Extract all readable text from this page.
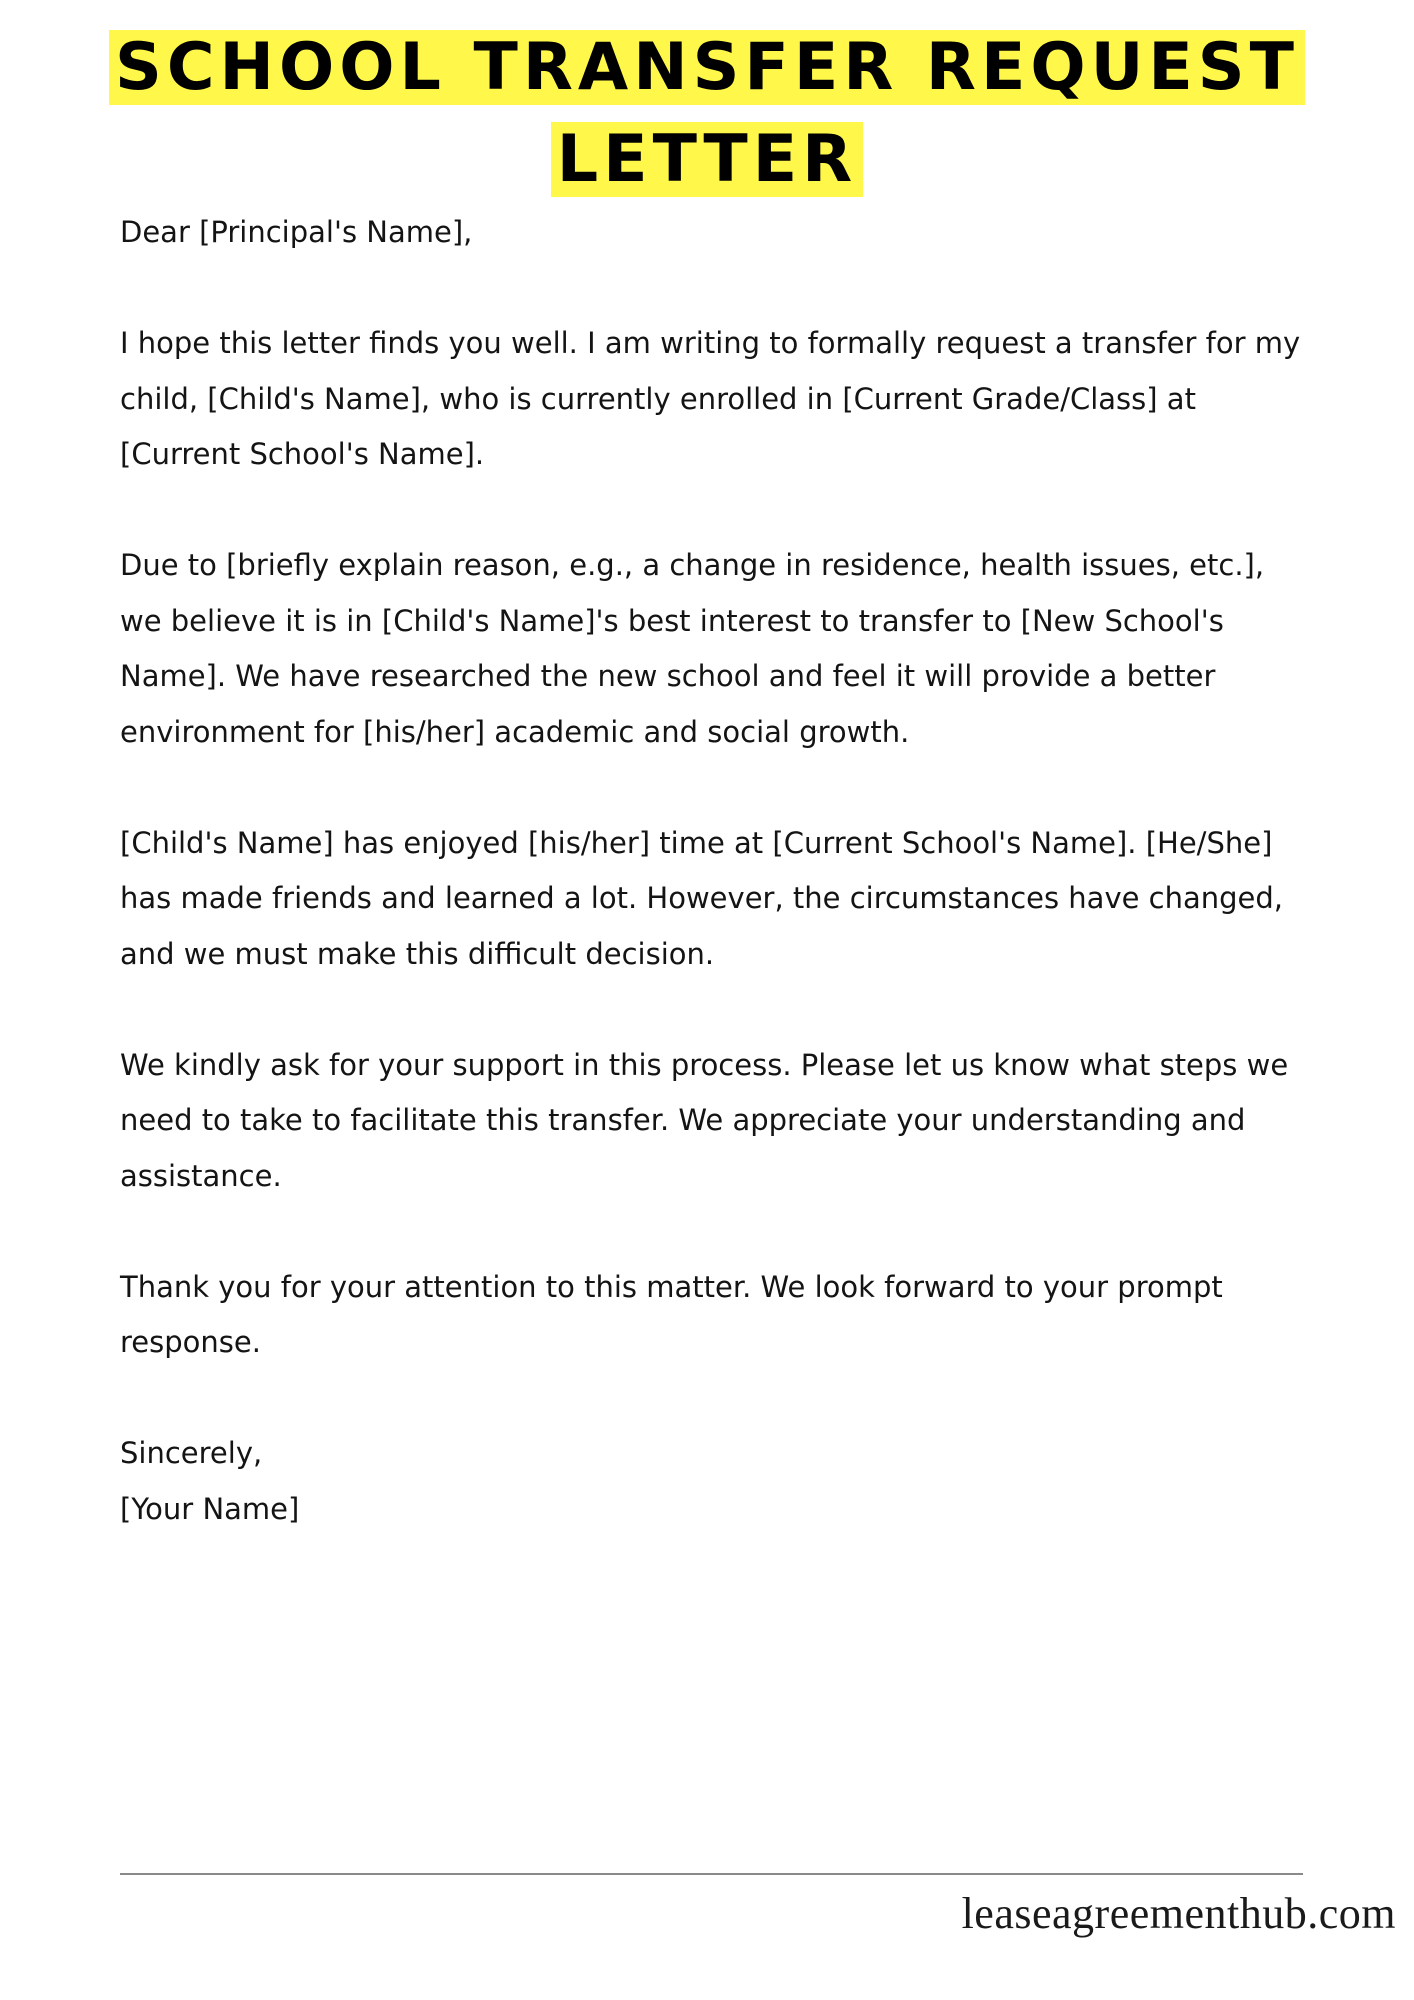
SCHOOL TRANSFER REQUEST LETTER

Dear [Principal's Name],

I hope this letter finds you well. I am writing to formally request a transfer for my child, [Child's Name], who is currently enrolled in [Current Grade/Class] at [Current School's Name].

Due to [briefly explain reason, e.g., a change in residence, health issues, etc.], we believe it is in [Child's Name]'s best interest to transfer to [New School's Name]. We have researched the new school and feel it will provide a better environment for [his/her] academic and social growth.

[Child's Name] has enjoyed [his/her] time at [Current School's Name]. [He/She] has made friends and learned a lot. However, the circumstances have changed, and we must make this difficult decision.

We kindly ask for your support in this process. Please let us know what steps we need to take to facilitate this transfer. We appreciate your understanding and assistance.

Thank you for your attention to this matter. We look forward to your prompt response.

Sincerely,

[Your Name]

leaseagreementhub.com
